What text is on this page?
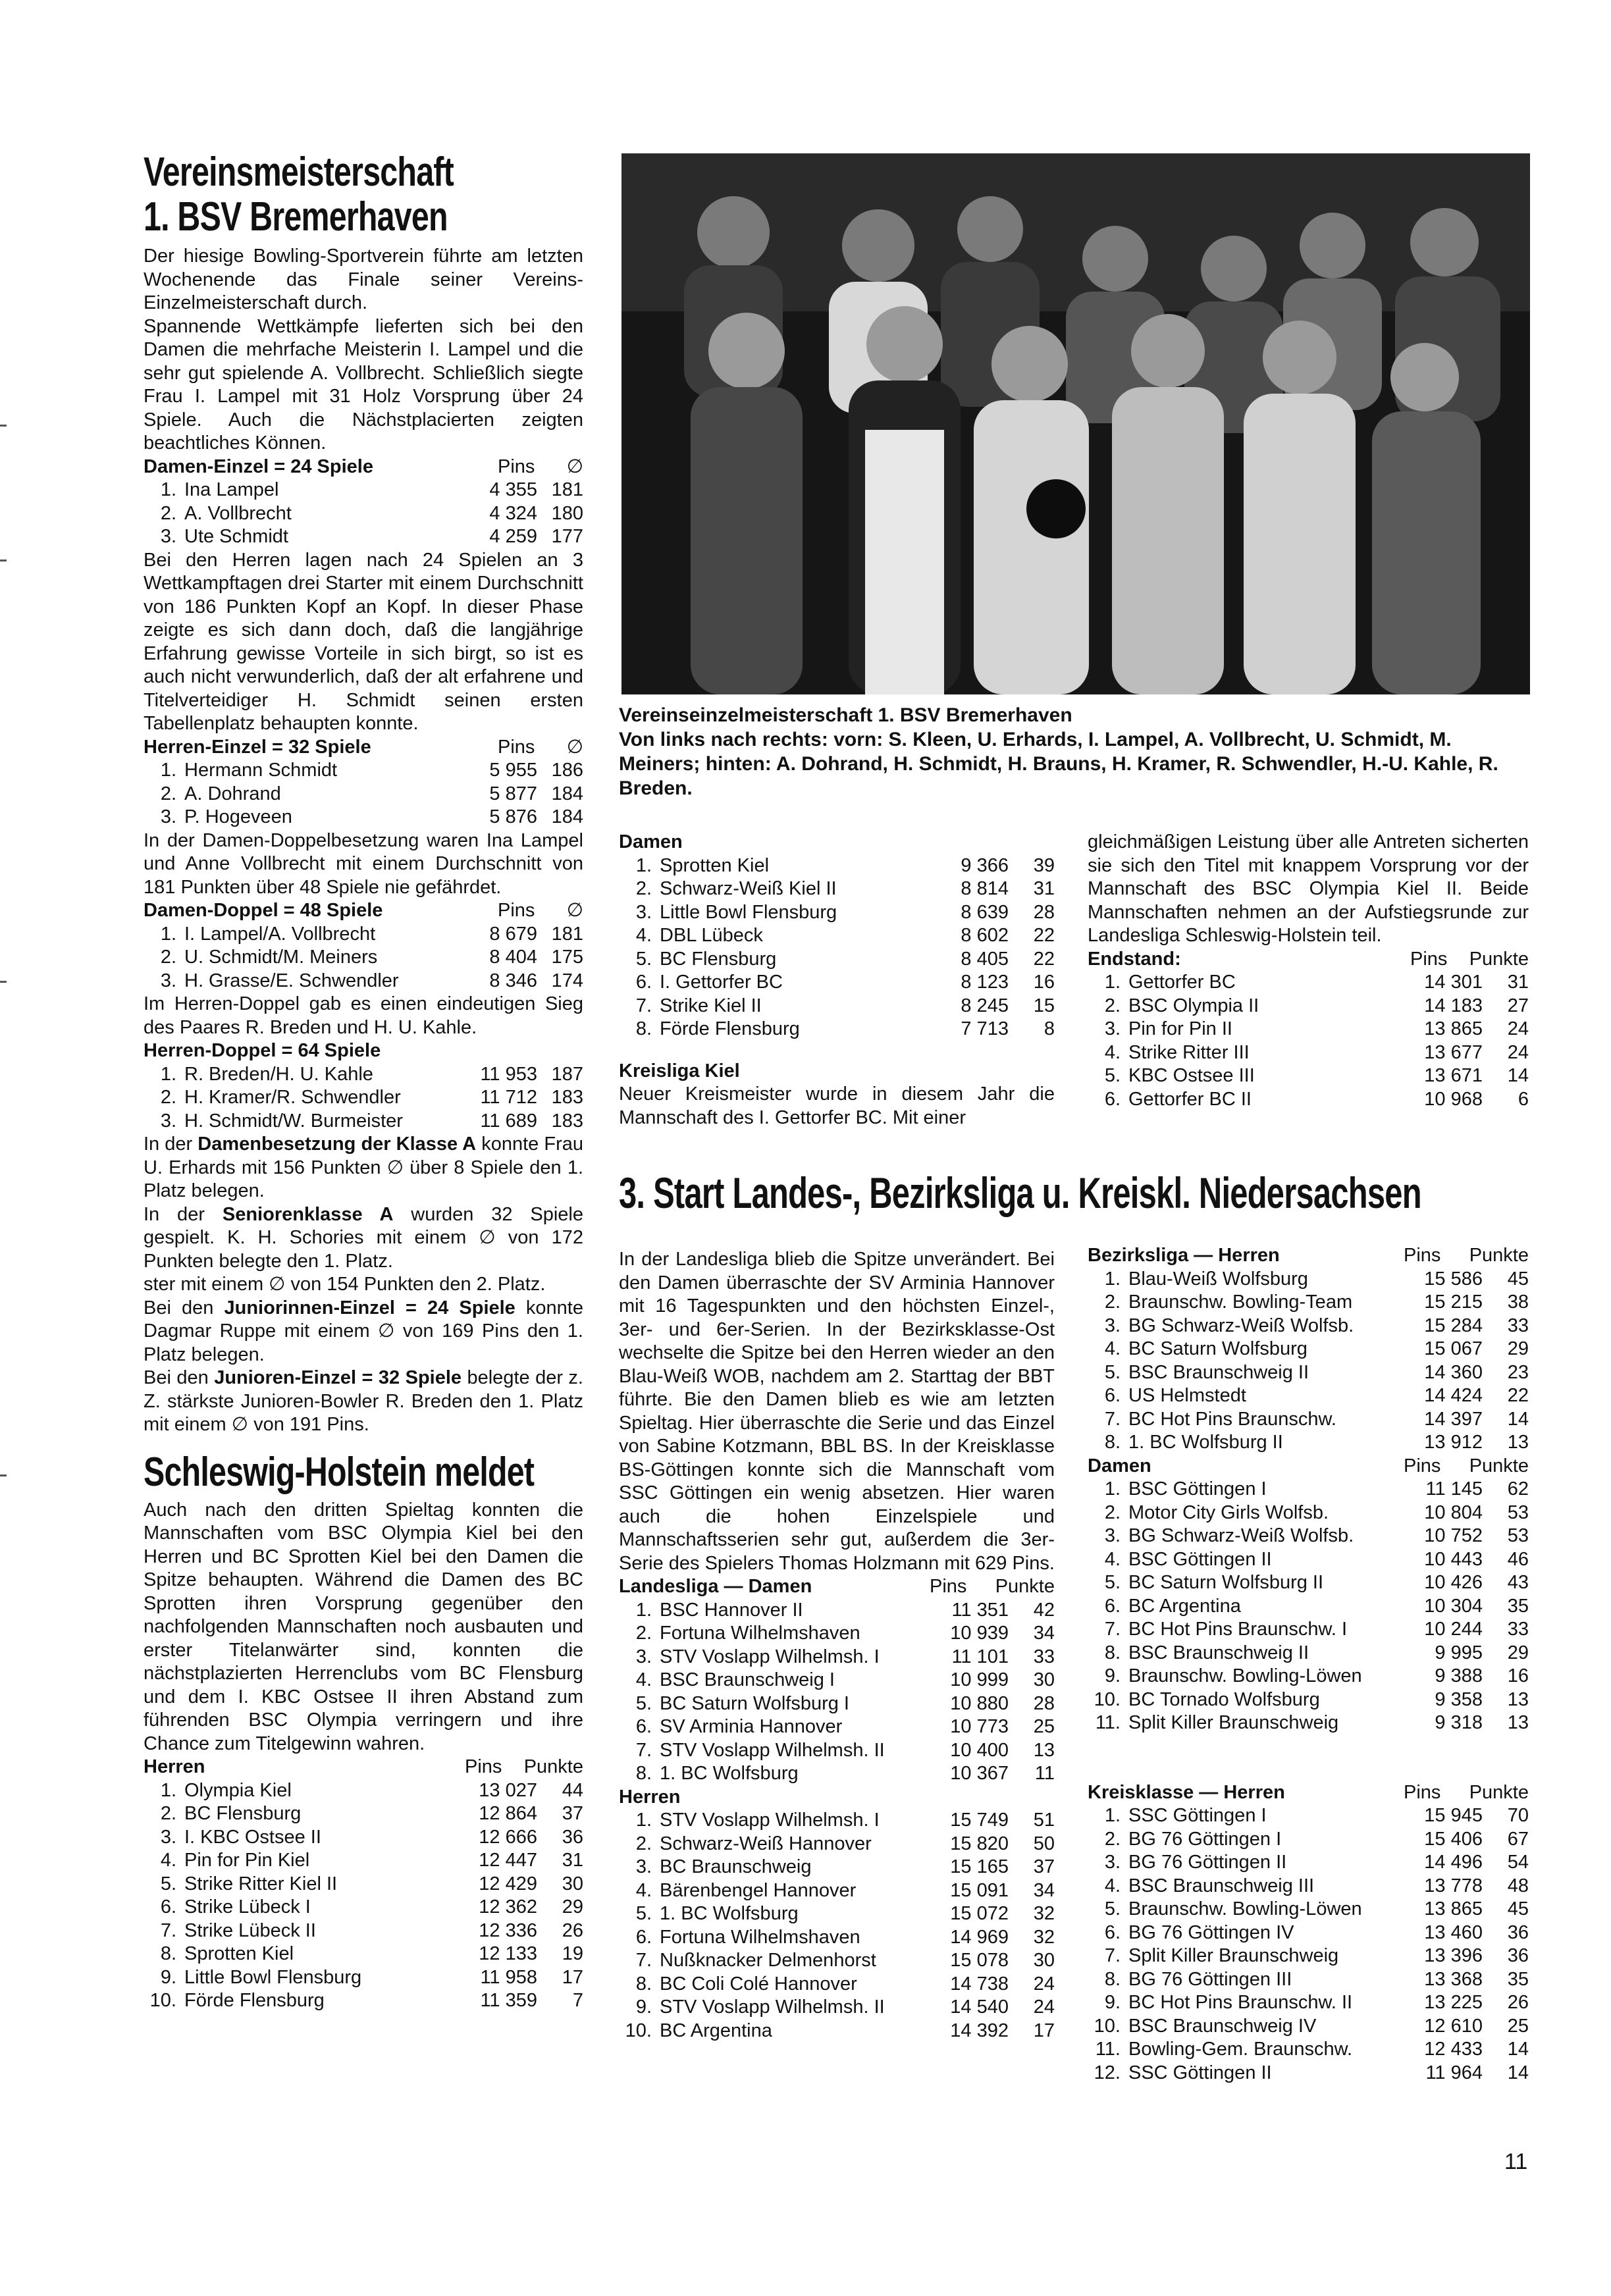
Vereinsmeisterschaft
1. BSV Bremerhaven

Der hiesige Bowling-Sportverein führte am letzten Wochenende das Finale seiner Vereins-Einzelmeisterschaft durch.

Spannende Wettkämpfe lieferten sich bei den Damen die mehrfache Meisterin I. Lampel und die sehr gut spielende A. Vollbrecht. Schließlich siegte Frau I. Lampel mit 31 Holz Vorsprung über 24 Spiele. Auch die Nächstplacierten zeigten beachtliches Können.

Damen-Einzel = 24 Spiele	Pins	∅
1.	Ina Lampel	4 355	181
2.	A. Vollbrecht	4 324	180
3.	Ute Schmidt	4 259	177

Bei den Herren lagen nach 24 Spielen an 3 Wettkampftagen drei Starter mit einem Durchschnitt von 186 Punkten Kopf an Kopf. In dieser Phase zeigte es sich dann doch, daß die langjährige Erfahrung gewisse Vorteile in sich birgt, so ist es auch nicht verwunderlich, daß der alt erfahrene und Titelverteidiger H. Schmidt seinen ersten Tabellenplatz behaupten konnte.

Herren-Einzel = 32 Spiele	Pins	∅
1.	Hermann Schmidt	5 955	186
2.	A. Dohrand	5 877	184
3.	P. Hogeveen	5 876	184

In der Damen-Doppelbesetzung waren Ina Lampel und Anne Vollbrecht mit einem Durchschnitt von 181 Punkten über 48 Spiele nie gefährdet.

Damen-Doppel = 48 Spiele	Pins	∅
1.	I. Lampel/A. Vollbrecht	8 679	181
2.	U. Schmidt/M. Meiners	8 404	175
3.	H. Grasse/E. Schwendler	8 346	174

Im Herren-Doppel gab es einen eindeutigen Sieg des Paares R. Breden und H. U. Kahle.

Herren-Doppel = 64 Spiele
1.	R. Breden/H. U. Kahle	11 953	187
2.	H. Kramer/R. Schwendler	11 712	183
3.	H. Schmidt/W. Burmeister	11 689	183

In der Damenbesetzung der Klasse A konnte Frau U. Erhards mit 156 Punkten ∅ über 8 Spiele den 1. Platz belegen.

In der Seniorenklasse A wurden 32 Spiele gespielt. K. H. Schories mit einem ∅ von 172 Punkten belegte den 1. Platz.

ster mit einem ∅ von 154 Punkten den 2. Platz.

Bei den Juniorinnen-Einzel = 24 Spiele konnte Dagmar Ruppe mit einem ∅ von 169 Pins den 1. Platz belegen.

Bei den Junioren-Einzel = 32 Spiele belegte der z. Z. stärkste Junioren-Bowler R. Breden den 1. Platz mit einem ∅ von 191 Pins.

Schleswig-Holstein meldet

Auch nach den dritten Spieltag konnten die Mannschaften vom BSC Olympia Kiel bei den Herren und BC Sprotten Kiel bei den Damen die Spitze behaupten. Während die Damen des BC Sprotten ihren Vorsprung gegenüber den nachfolgenden Mannschaften noch ausbauten und erster Titelanwärter sind, konnten die nächstplazierten Herrenclubs vom BC Flensburg und dem I. KBC Ostsee II ihren Abstand zum führenden BSC Olympia verringern und ihre Chance zum Titelgewinn wahren.

Herren	Pins	Punkte
1.	Olympia Kiel	13 027	44
2.	BC Flensburg	12 864	37
3.	I. KBC Ostsee II	12 666	36
4.	Pin for Pin Kiel	12 447	31
5.	Strike Ritter Kiel II	12 429	30
6.	Strike Lübeck I	12 362	29
7.	Strike Lübeck II	12 336	26
8.	Sprotten Kiel	12 133	19
9.	Little Bowl Flensburg	11 958	17
10.	Förde Flensburg	11 359	7
Vereinseinzelmeisterschaft 1. BSV Bremerhaven
Von links nach rechts: vorn: S. Kleen, U. Erhards, I. Lampel, A. Vollbrecht, U. Schmidt, M. Meiners; hinten: A. Dohrand, H. Schmidt, H. Brauns, H. Kramer, R. Schwendler, H.-U. Kahle, R. Breden.
Damen
1.	Sprotten Kiel	9 366	39
2.	Schwarz-Weiß Kiel II	8 814	31
3.	Little Bowl Flensburg	8 639	28
4.	DBL Lübeck	8 602	22
5.	BC Flensburg	8 405	22
6.	I. Gettorfer BC	8 123	16
7.	Strike Kiel II	8 245	15
8.	Förde Flensburg	7 713	8
Kreisliga Kiel

Neuer Kreismeister wurde in diesem Jahr die Mannschaft des I. Gettorfer BC. Mit einer

gleichmäßigen Leistung über alle Antreten sicherten sie sich den Titel mit knappem Vorsprung vor der Mannschaft des BSC Olympia Kiel II. Beide Mannschaften nehmen an der Aufstiegsrunde zur Landesliga Schleswig-Holstein teil.

Endstand:	Pins	Punkte
1.	Gettorfer BC	14 301	31
2.	BSC Olympia II	14 183	27
3.	Pin for Pin II	13 865	24
4.	Strike Ritter III	13 677	24
5.	KBC Ostsee III	13 671	14
6.	Gettorfer BC II	10 968	6
3. Start Landes-, Bezirksliga u. Kreiskl. Niedersachsen

In der Landesliga blieb die Spitze unverändert. Bei den Damen überraschte der SV Arminia Hannover mit 16 Tagespunkten und den höchsten Einzel-, 3er- und 6er-Serien. In der Bezirksklasse-Ost wechselte die Spitze bei den Herren wieder an den Blau-Weiß WOB, nachdem am 2. Starttag der BBT führte. Bie den Damen blieb es wie am letzten Spieltag. Hier überraschte die Serie und das Einzel von Sabine Kotzmann, BBL BS. In der Kreisklasse BS-Göttingen konnte sich die Mannschaft vom SSC Göttingen ein wenig absetzen. Hier waren auch die hohen Einzelspiele und Mannschaftsserien sehr gut, außerdem die 3er-Serie des Spielers Thomas Holzmann mit 629 Pins.

Landesliga — Damen	Pins	Punkte
1.	BSC Hannover II	11 351	42
2.	Fortuna Wilhelmshaven	10 939	34
3.	STV Voslapp Wilhelmsh. I	11 101	33
4.	BSC Braunschweig I	10 999	30
5.	BC Saturn Wolfsburg I	10 880	28
6.	SV Arminia Hannover	10 773	25
7.	STV Voslapp Wilhelmsh. II	10 400	13
8.	1. BC Wolfsburg	10 367	11
Herren
1.	STV Voslapp Wilhelmsh. I	15 749	51
2.	Schwarz-Weiß Hannover	15 820	50
3.	BC Braunschweig	15 165	37
4.	Bärenbengel Hannover	15 091	34
5.	1. BC Wolfsburg	15 072	32
6.	Fortuna Wilhelmshaven	14 969	32
7.	Nußknacker Delmenhorst	15 078	30
8.	BC Coli Colé Hannover	14 738	24
9.	STV Voslapp Wilhelmsh. II	14 540	24
10.	BC Argentina	14 392	17
Bezirksliga — Herren	Pins	Punkte
1.	Blau-Weiß Wolfsburg	15 586	45
2.	Braunschw. Bowling-Team	15 215	38
3.	BG Schwarz-Weiß Wolfsb.	15 284	33
4.	BC Saturn Wolfsburg	15 067	29
5.	BSC Braunschweig II	14 360	23
6.	US Helmstedt	14 424	22
7.	BC Hot Pins Braunschw.	14 397	14
8.	1. BC Wolfsburg II	13 912	13
Damen	Pins	Punkte
1.	BSC Göttingen I	11 145	62
2.	Motor City Girls Wolfsb.	10 804	53
3.	BG Schwarz-Weiß Wolfsb.	10 752	53
4.	BSC Göttingen II	10 443	46
5.	BC Saturn Wolfsburg II	10 426	43
6.	BC Argentina	10 304	35
7.	BC Hot Pins Braunschw. I	10 244	33
8.	BSC Braunschweig II	9 995	29
9.	Braunschw. Bowling-Löwen	9 388	16
10.	BC Tornado Wolfsburg	9 358	13
11.	Split Killer Braunschweig	9 318	13
Kreisklasse — Herren	Pins	Punkte
1.	SSC Göttingen I	15 945	70
2.	BG 76 Göttingen I	15 406	67
3.	BG 76 Göttingen II	14 496	54
4.	BSC Braunschweig III	13 778	48
5.	Braunschw. Bowling-Löwen	13 865	45
6.	BG 76 Göttingen IV	13 460	36
7.	Split Killer Braunschweig	13 396	36
8.	BG 76 Göttingen III	13 368	35
9.	BC Hot Pins Braunschw. II	13 225	26
10.	BSC Braunschweig IV	12 610	25
11.	Bowling-Gem. Braunschw.	12 433	14
12.	SSC Göttingen II	11 964	14
11
